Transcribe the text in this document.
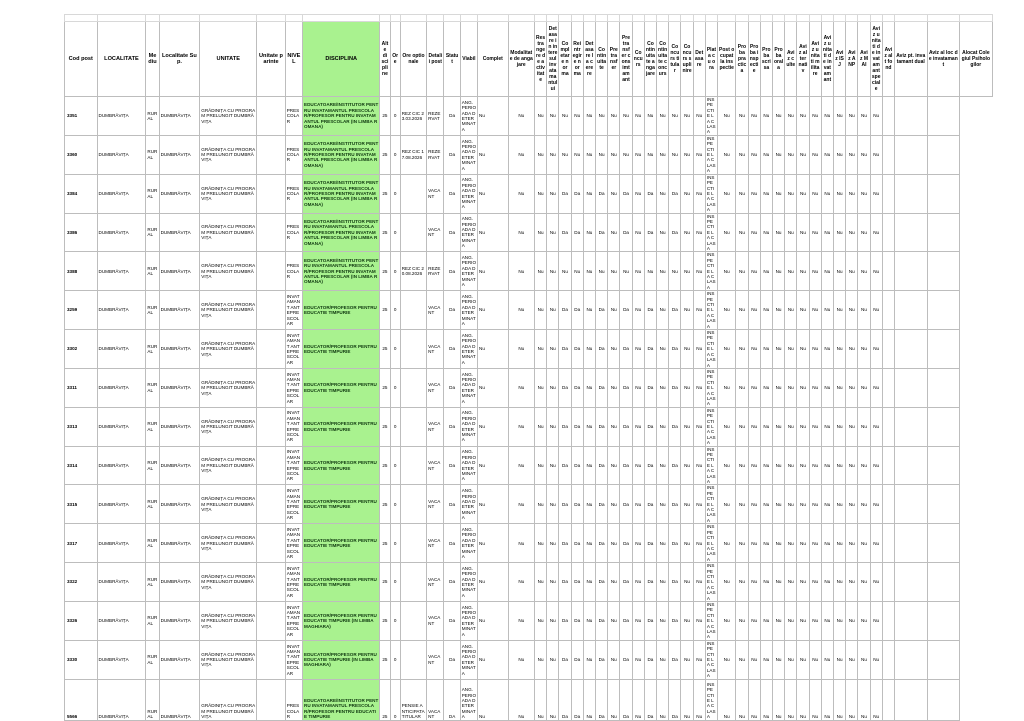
Cod post	LOCALITATE	Mediu	Localitate Sup.	UNITATE	Unitate parinte	NIVEL	DISCIPLINA	Alte discipline	Ore	Ore optionale	Detalii post	Statut	Viabil	Complet	Modalitate de angajare	Restrangere de activitate	Detasare in interesul invatamantului	Completare norma	Reintregire norma	Detasare la cerere	Continuitate	Pretransfer	Pretransfer consimtamant	Concurs	Continuitate angajare	Continuitate concurs	Concurs titular	Concurs suplinire	Detasare	Plata cu ora	Post ocupat la inspectie	Proba practica	Proba inspectie	Proba scrisa	Proba orala	Aviz culte	Aviz alternativ	Aviz unitati militare	Aviz unitati de invatamant	Aviz ISJ	Aviz ANP	Aviz MAI	Aviz unitati de invatamant speciale	Aviz alt fond	Aviz pt. invatamant dual	Aviz al loc de invatamant	Alocat Colegiul Psihologilor
3351	DUMBRĂVIȚA	RURAL	DUMBRĂVIȚA	GRĂDINIȚA CU PROGRAM PRELUNGIT DUMBRĂVIȚA		PRESCOLAR	EDUCATOARE/INSTITUTOR PENTRU INVATAMANTUL PRESCOLAR/PROFESOR PENTRU INVATAMANTUL PRESCOLAR (IN LIMBA ROMANA)	25	0	REZ CIC 23.03.2026	REZERVAT	Da	ANG. PERIOADA DETERMINATA	Nu	Nu	Nu	Nu	Nu	Nu	Nu	Nu	Nu	Nu	Nu	Nu	Nu	Nu	Nu	Nu	INSPECTIE LA CLASA	Nu	Nu	Nu	Nu	Nu	Nu	Nu	Nu	Nu	Nu	Nu	Nu	Nu				
3360	DUMBRĂVIȚA	RURAL	DUMBRĂVIȚA	GRĂDINIȚA CU PROGRAM PRELUNGIT DUMBRĂVIȚA		PRESCOLAR	EDUCATOARE/INSTITUTOR PENTRU INVATAMANTUL PRESCOLAR/PROFESOR PENTRU INVATAMANTUL PRESCOLAR (IN LIMBA ROMANA)	25	0	REZ CIC 17.08.2026	REZERVAT	Da	ANG. PERIOADA DETERMINATA	Nu	Nu	Nu	Nu	Nu	Nu	Nu	Nu	Nu	Nu	Nu	Nu	Nu	Nu	Nu	Nu	INSPECTIE LA CLASA	Nu	Nu	Nu	Nu	Nu	Nu	Nu	Nu	Nu	Nu	Nu	Nu	Nu				
3384	DUMBRĂVIȚA	RURAL	DUMBRĂVIȚA	GRĂDINIȚA CU PROGRAM PRELUNGIT DUMBRĂVIȚA		PRESCOLAR	EDUCATOARE/INSTITUTOR PENTRU INVATAMANTUL PRESCOLAR/PROFESOR PENTRU INVATAMANTUL PRESCOLAR (IN LIMBA ROMANA)	25	0		VACANT	Da	ANG. PERIOADA DETERMINATA	Nu	Nu	Nu	Nu	Da	Da	Nu	Da	Nu	Da	Nu	Da	Nu	Da	Nu	Nu	INSPECTIE LA CLASA	Nu	Nu	Nu	Nu	Nu	Nu	Nu	Nu	Nu	Nu	Nu	Nu	Nu				
3386	DUMBRĂVIȚA	RURAL	DUMBRĂVIȚA	GRĂDINIȚA CU PROGRAM PRELUNGIT DUMBRĂVIȚA		PRESCOLAR	EDUCATOARE/INSTITUTOR PENTRU INVATAMANTUL PRESCOLAR/PROFESOR PENTRU INVATAMANTUL PRESCOLAR (IN LIMBA ROMANA)	25	0		VACANT	Da	ANG. PERIOADA DETERMINATA	Nu	Nu	Nu	Nu	Da	Da	Nu	Da	Nu	Da	Nu	Da	Nu	Da	Nu	Nu	INSPECTIE LA CLASA	Nu	Nu	Nu	Nu	Nu	Nu	Nu	Nu	Nu	Nu	Nu	Nu	Nu				
3388	DUMBRĂVIȚA	RURAL	DUMBRĂVIȚA	GRĂDINIȚA CU PROGRAM PRELUNGIT DUMBRĂVIȚA		PRESCOLAR	EDUCATOARE/INSTITUTOR PENTRU INVATAMANTUL PRESCOLAR/PROFESOR PENTRU INVATAMANTUL PRESCOLAR (IN LIMBA ROMANA)	25	0	REZ CIC 20.08.2026	REZERVAT	Da	ANG. PERIOADA DETERMINATA	Nu	Nu	Nu	Nu	Nu	Nu	Nu	Nu	Nu	Nu	Nu	Nu	Nu	Nu	Nu	Nu	INSPECTIE LA CLASA	Nu	Nu	Nu	Nu	Nu	Nu	Nu	Nu	Nu	Nu	Nu	Nu	Nu				
3259	DUMBRĂVIȚA	RURAL	DUMBRĂVIȚA	GRĂDINIȚA CU PROGRAM PRELUNGIT DUMBRĂVIȚA		INVATAMANT ANTEPRESCOLAR	EDUCATOR/PROFESOR PENTRU EDUCATIE TIMPURIE	25	0		VACANT	Da	ANG. PERIOADA DETERMINATA	Nu	Nu	Nu	Nu	Da	Da	Nu	Da	Nu	Da	Nu	Da	Nu	Da	Nu	Nu	INSPECTIE LA CLASA	Nu	Nu	Nu	Nu	Nu	Nu	Nu	Nu	Nu	Nu	Nu	Nu	Nu				
3302	DUMBRĂVIȚA	RURAL	DUMBRĂVIȚA	GRĂDINIȚA CU PROGRAM PRELUNGIT DUMBRĂVIȚA		INVATAMANT ANTEPRESCOLAR	EDUCATOR/PROFESOR PENTRU EDUCATIE TIMPURIE	25	0		VACANT	Da	ANG. PERIOADA DETERMINATA	Nu	Nu	Nu	Nu	Da	Da	Nu	Da	Nu	Da	Nu	Da	Nu	Da	Nu	Nu	INSPECTIE LA CLASA	Nu	Nu	Nu	Nu	Nu	Nu	Nu	Nu	Nu	Nu	Nu	Nu	Nu				
3311	DUMBRĂVIȚA	RURAL	DUMBRĂVIȚA	GRĂDINIȚA CU PROGRAM PRELUNGIT DUMBRĂVIȚA		INVATAMANT ANTEPRESCOLAR	EDUCATOR/PROFESOR PENTRU EDUCATIE TIMPURIE	25	0		VACANT	Da	ANG. PERIOADA DETERMINATA	Nu	Nu	Nu	Nu	Da	Da	Nu	Da	Nu	Da	Nu	Da	Nu	Da	Nu	Nu	INSPECTIE LA CLASA	Nu	Nu	Nu	Nu	Nu	Nu	Nu	Nu	Nu	Nu	Nu	Nu	Nu				
3313	DUMBRĂVIȚA	RURAL	DUMBRĂVIȚA	GRĂDINIȚA CU PROGRAM PRELUNGIT DUMBRĂVIȚA		INVATAMANT ANTEPRESCOLAR	EDUCATOR/PROFESOR PENTRU EDUCATIE TIMPURIE	25	0		VACANT	Da	ANG. PERIOADA DETERMINATA	Nu	Nu	Nu	Nu	Da	Da	Nu	Da	Nu	Da	Nu	Da	Nu	Da	Nu	Nu	INSPECTIE LA CLASA	Nu	Nu	Nu	Nu	Nu	Nu	Nu	Nu	Nu	Nu	Nu	Nu	Nu				
3314	DUMBRĂVIȚA	RURAL	DUMBRĂVIȚA	GRĂDINIȚA CU PROGRAM PRELUNGIT DUMBRĂVIȚA		INVATAMANT ANTEPRESCOLAR	EDUCATOR/PROFESOR PENTRU EDUCATIE TIMPURIE	25	0		VACANT	Da	ANG. PERIOADA DETERMINATA	Nu	Nu	Nu	Nu	Da	Da	Nu	Da	Nu	Da	Nu	Da	Nu	Da	Nu	Nu	INSPECTIE LA CLASA	Nu	Nu	Nu	Nu	Nu	Nu	Nu	Nu	Nu	Nu	Nu	Nu	Nu				
3315	DUMBRĂVIȚA	RURAL	DUMBRĂVIȚA	GRĂDINIȚA CU PROGRAM PRELUNGIT DUMBRĂVIȚA		INVATAMANT ANTEPRESCOLAR	EDUCATOR/PROFESOR PENTRU EDUCATIE TIMPURIE	25	0		VACANT	Da	ANG. PERIOADA DETERMINATA	Nu	Nu	Nu	Nu	Da	Da	Nu	Da	Nu	Da	Nu	Da	Nu	Da	Nu	Nu	INSPECTIE LA CLASA	Nu	Nu	Nu	Nu	Nu	Nu	Nu	Nu	Nu	Nu	Nu	Nu	Nu				
3317	DUMBRĂVIȚA	RURAL	DUMBRĂVIȚA	GRĂDINIȚA CU PROGRAM PRELUNGIT DUMBRĂVIȚA		INVATAMANT ANTEPRESCOLAR	EDUCATOR/PROFESOR PENTRU EDUCATIE TIMPURIE	25	0		VACANT	Da	ANG. PERIOADA DETERMINATA	Nu	Nu	Nu	Nu	Da	Da	Nu	Da	Nu	Da	Nu	Da	Nu	Da	Nu	Nu	INSPECTIE LA CLASA	Nu	Nu	Nu	Nu	Nu	Nu	Nu	Nu	Nu	Nu	Nu	Nu	Nu				
3322	DUMBRĂVIȚA	RURAL	DUMBRĂVIȚA	GRĂDINIȚA CU PROGRAM PRELUNGIT DUMBRĂVIȚA		INVATAMANT ANTEPRESCOLAR	EDUCATOR/PROFESOR PENTRU EDUCATIE TIMPURIE	25	0		VACANT	Da	ANG. PERIOADA DETERMINATA	Nu	Nu	Nu	Nu	Da	Da	Nu	Da	Nu	Da	Nu	Da	Nu	Da	Nu	Nu	INSPECTIE LA CLASA	Nu	Nu	Nu	Nu	Nu	Nu	Nu	Nu	Nu	Nu	Nu	Nu	Nu				
3326	DUMBRĂVIȚA	RURAL	DUMBRĂVIȚA	GRĂDINIȚA CU PROGRAM PRELUNGIT DUMBRĂVIȚA		INVATAMANT ANTEPRESCOLAR	EDUCATOR/PROFESOR PENTRU EDUCATIE TIMPURIE (IN LIMBA MAGHIARA)	25	0		VACANT	Da	ANG. PERIOADA DETERMINATA	Nu	Nu	Nu	Nu	Da	Da	Nu	Da	Nu	Da	Nu	Da	Nu	Da	Nu	Nu	INSPECTIE LA CLASA	Nu	Nu	Nu	Nu	Nu	Nu	Nu	Nu	Nu	Nu	Nu	Nu	Nu				
3330	DUMBRĂVIȚA	RURAL	DUMBRĂVIȚA	GRĂDINIȚA CU PROGRAM PRELUNGIT DUMBRĂVIȚA		INVATAMANT ANTEPRESCOLAR	EDUCATOR/PROFESOR PENTRU EDUCATIE TIMPURIE (IN LIMBA MAGHIARA)	25	0		VACANT	Da	ANG. PERIOADA DETERMINATA	Nu	Nu	Nu	Nu	Da	Da	Nu	Da	Nu	Da	Nu	Da	Nu	Da	Nu	Nu	INSPECTIE LA CLASA	Nu	Nu	Nu	Nu	Nu	Nu	Nu	Nu	Nu	Nu	Nu	Nu	Nu				
5566	DUMBRĂVIȚA	RURAL	DUMBRĂVIȚA	GRĂDINIȚA CU PROGRAM PRELUNGIT DUMBRĂVIȚA		PRESCOLAR	EDUCATOARE/INSTITUTOR PENTRU INVATAMANTUL PRESCOLAR/PROFESOR PENTRU EDUCATIE TIMPURIE	25	0	PENSIE ANTICIPATA TITULAR	VACANT	DA	ANG. PERIOADA DETERMINATA	Nu	Nu	Nu	Nu	Da	Da	Nu	Da	Nu	Da	Nu	Da	Nu	Da	Nu	Nu	INSPECTIE LA CLASA	Nu	Nu	Nu	Nu	Nu	Nu	Nu	Nu	Nu	Nu	Nu	Nu	Nu				
